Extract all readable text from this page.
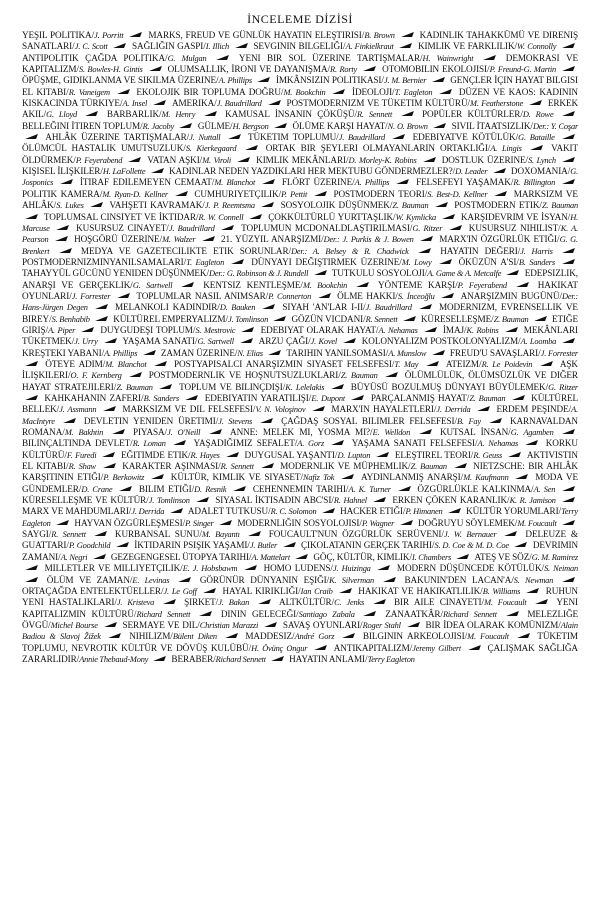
İNCELEME DİZİSİ
YEŞIL POLITIKA/J. Porritt	MARKS, FREUD VE GÜNLÜK HAYATIN ELEŞTIRISI/B. Brown	KADINLIK TAHAKKÜMÜ VE DIRENIŞ SANATLARI/J. C. Scott	SAĞLIĞIN GASPI/I. Illich	SEVGININ BILGELIĞI/A. Finkielkraut	KIMLIK VE FARKLILIK/W. Connolly  ANTIPOLITIK ÇAĞDA POLITIKA/G. Mulgan	YENI BIR SOL ÜZERINE TARTIŞMALAR/H. Wainwright	DEMOKRASI VE KAPITALIZM/S. Bowles-H. Gintis	OLUMSALLIK, İRONI VE DAYANIŞMA/R. Rorty	OTOMOBILIN EKOLOJISI/P. Freund-G. Martin  ÖPÜŞME, GIDIKLANMA VE SIKILMA ÜZERINE/A. Phillips	İMKÂNSIZIN POLITIKASI/J. M. Bernier	GENÇLER İÇIN HAYAT BILGISI EL KITABI/R. Vaneigem	EKOLOJIK BIR TOPLUMA DOĞRU/M. Bookchin	İDEOLOJI/T. Eagleton	DÜZEN VE KAOS: KADININ KISKACINDA TÜRKIYE/A. Insel	AMERIKA/J. Baudrillard	POSTMODERNIZM VE TÜKETIM KÜLTÜRÜ/M. Featherstone	ERKEK AKIL/G. Lloyd	BARBARLIK/M. Henry	KAMUSAL İNSANIN ÇÖKÜŞÜ/R. Sennett	POPÜLER KÜLTÜRLER/D. Rowe  BELLEĞINI İTIREN TOPLUM/R. Jacoby	GÜLME/H. Bergson	ÖLÜME KARŞI HAYAT/N. O. Brown	SIVIL İTAATSIZLIK/Der.: Y. Coşar  AHLÂK ÜZERINE TARTIŞMALAR/J. Nuttall	TÜKETIM TOPLUMU/J. Baudrillard	EDEBIYATVE KÖTÜLÜK/G. Bataille  ÖLÜMCÜL HASTALIK UMUTSUZLUK/S. Kierkegaard	ORTAK BIR ŞEYLERI OLMAYANLARIN ORTAKLIĞI/A. Lingis	VAKIT ÖLDÜRMEK/P. Feyerabend	VATAN AŞKI/M. Viroli	KIMLIK MEKÂNLARI/D. Morley-K. Robins	DOSTLUK ÜZERINE/S. Lynch  KIŞISEL İLIŞKILER/H. LaFollette	KADINLAR NEDEN YAZDIKLARI HER MEKTUBU GÖNDERMEZLER?/D. Leader	DOXOMANIA/G. Josponics	İTIRAF EDILEMEYEN CEMAAT/M. Blanchot	FLÖRT ÜZERINE/A. Phillips	FELSEFEYI YAŞAMAK/R. Billington  POLITIK KAMERA/M. Ryan-D. Kellner	CUMHURIYETÇILIK/P. Pettit	POSTMODERN TEORI/S. Best-D. Kellner	MARKSIZM VE AHLÂK/S. Lukes	VAHŞETI KAVRAMAK/J. P. Reemtsma	SOSYOLOJIK DÜŞÜNMEK/Z. Bauman	POSTMODERN ETIK/Z. Bauman  TOPLUMSAL CINSIYET VE İKTIDAR/R. W. Connell	ÇOKKÜLTÜRLÜ YURTTAŞLIK/W. Kymlicka	KARŞIDEVRIM VE İSYAN/H. Marcuse	KUSURSUZ CINAYET/J. Baudrillard	TOPLUMUN MCDONALDLAŞTIRILMASI/G. Ritzer	KUSURSUZ NIHILIST/K. A. Pearson	HOŞGÖRÜ ÜZERINE/M. Walzer	21. YÜZYIL ANARŞIZMI/Der.: J. Purkis & J. Bowen	MARX'IN ÖZGÜRLÜK ETIĞI/G. G. Brenkert	MEDYA VE GAZETECILIKTE ETIK SORUNLAR/Der.: A. Belsey & R. Chadwick	HAYATIN DEĞERI/J. Harris  POSTMODERNIZMINYANILSAMALARI/T. Eagleton	DÜNYAYI DEĞIŞTIRMEK ÜZERINE/M. Lowy	ÖKÜZÜN A'SI/B. Sanders  TAHAYYÜL GÜCÜNÜ YENIDEN DÜŞÜNMEK/Der.: G. Robinson & J. Rundell	TUTKULU SOSYOLOJI/A. Game & A. Metcalfe	EDEPSIZLIK, ANARŞI VE GERÇEKLIK/G. Sartwell	KENTSIZ KENTLEŞME/M. Bookchin	YÖNTEME KARŞI/P. Feyerabend	HAKIKAT OYUNLARI/J. Forrester	TOPLUMLAR NASIL ANIMSAR/P. Connerton	ÖLME HAKKI/S. İnceoğlu	ANARŞIZMIN BUGÜNÜ/Der.: Hans-Jürgen Degen	MELANKOLI KADINDIR/D. Bauken	SIYAH 'AN'LAR I-II/J. Baudrillard	MODERNIZM, EVRENSELLIK VE BIREY/S. Benhabib	KÜLTÜREL EMPERYALIZM/J. Tomlinson	GÖZÜN VICDANI/R. Sennett	KÜRESELLEŞME/Z. Bauman	ETIĞE GIRIŞ/A. Piper	DUYGUDEŞI TOPLUM/S. Mestrovic	EDEBIYAT OLARAK HAYAT/A. Nehamas	İMAJ/K. Robins	MEKÂNLARI TÜKETMEK/J. Urry	YAŞAMA SANATI/G. Sartwell	ARZU ÇAĞI/J. Kovel	KOLONYALIZM POSTKOLONYALIZM/A. Loomba  KREŞTEKI YABANI/A. Phillips	ZAMAN ÜZERINE/N. Elias	TARIHIN YANILSOMASI/A. Munslow	FREUD'U SAVAŞLARI/J. Forrester  ÖTEYE ADIM/M. Blanchot	POSTYAPISALCI ANARŞIZMIN SIYASET FELSEFESI/T. May	ATEIZM/R. Le Poidevin	AŞK İLIŞKILERI/O. F. Kernberg	POSTMODERNLIK VE HOŞNUTSUZLUKLARI/Z. Bauman	ÖLÜMLÜLÜK, ÖLÜMSÜZLÜK VE DIĞER HAYAT STRATEJILERI/Z. Bauman	TOPLUM VE BILINÇDIŞI/K. Lelelakis	BÜYÜSÜ BOZULMUŞ DÜNYAYI BÜYÜLEMEK/G. Ritzer  KAHKAHANIN ZAFERI/B. Sanders	EDEBIYATIN YARATILIŞI/E. Dupont	PARÇALANMIŞ HAYAT/Z. Bauman	KÜLTÜREL BELLEK/J. Assmann	MARKSIZM VE DIL FELSEFESI/V. N. Voloşinov	MARX'IN HAYALETLERI/J. Derrida	ERDEM PEŞINDE/A. MacIntyre	DEVLETIN YENIDEN ÜRETIMI/J. Stevens	ÇAĞDAŞ SOSYAL BILIMLER FELSEFESI/B. Fay	KARNAVALDAN ROMANA/M. Bakhtin	PIYASA/J. O'Neill	ANNE: MELEK MI, YOSMA MI?/E. Welldon	KUTSAL İNSAN/G. Agamben  BILINÇALTINDA DEVLET/R. Loman	YAŞADIĞIMIZ SEFALET/A. Gorz	YAŞAMA SANATI FELSEFESI/A. Nehamas	KORKU KÜLTÜRÜ/F. Furedi	EĞITIMDE ETIK/R. Hayes	DUYGUSAL YAŞANTI/D. Lupton	ELEŞTIREL TEORI/R. Geuss	AKTIVISTIN EL KITABI/R. Shaw	KARAKTER AŞINMASI/R. Sennett	MODERNLIK VE MÜPHEMLIK/Z. Bauman	NIETZSCHE: BIR AHLÂK KARŞITININ ETIĞI/P. Berkowitz	KÜLTÜR, KIMLIK VE SIYASET/Nafiz Tok	AYDINLANMIŞ ANARŞI/M. Kaufmann	MODA VE GÜNDEMLER/D. Crane	BILIM ETIĞI/D. Resnik	CEHENNEMIN TARIHI/A. K. Turner	ÖZGÜRLÜKLE KALKINMA/A. Sen  KÜRESELLEŞME VE KÜLTÜR/J. Tomlinson	SIYASAL İKTISADIN ABC'SI/R. Hahnel	ERKEN ÇÖKEN KARANLIK/K. R. Jamison  MARX VE MAHDUMLARI/J. Derrida	ADALET TUTKUSU/R. C. Solomon	HACKER ETIĞI/P. Himanen	KÜLTÜR YORUMLARI/Terry Eagleton	HAYVAN ÖZGÜRLEŞMESI/P. Singer	MODERNLIĞIN SOSYOLOJISI/P. Wagner	DOĞRUYU SÖYLEMEK/M. Foucault  SAYGI/R. Sennett	KURBANSAL SUNU/M. Bayantı	FOUCAULT'NUN ÖZGÜRLÜK SERÜVENI/J. W. Bernauer	DELEUZE & GUATTARI/P. Goodchild	İKTIDARIN PSIŞIK YAŞAMI/J. Butler	ÇIKOLATANIN GERÇEK TARIHI/S. D. Coe & M. D. Coe	DEVRIMIN ZAMANI/A. Negri	GEZEGENGESEL ÜTOPYA TARIHI/A. Mattelart	GÖÇ, KÜLTÜR, KIMLIK/I. Chambers	ATEŞ VE SÖZ/G. M. Ramirez  MILLETLER VE MILLIYETÇILIK/E. J. Hobsbawm	HOMO LUDENS/J. Huizinga	MODERN DÜŞÜNCEDE KÖTÜLÜK/S. Neiman  ÖLÜM VE ZAMAN/E. Levinas	GÖRÜNÜR DÜNYANIN EŞIĞI/K. Silverman	BAKUNIN'DEN LACAN'A/S. Newman  ORTAÇAĞDA ENTELEKTÜELLER/J. Le Goff	HAYAL KIRIKLIĞI/Ian Craib	HAKIKAT VE HAKIKATLILIK/B. Williams	RUHUN YENI HASTALIKLARI/J. Kristeva	ŞIRKET/J. Bakan	ALTKÜLTÜR/C. Jenks	BIR AILE CINAYETI/M. Foucault	YENI KAPITALIZMIN KÜLTÜRÜ/Richard Sennett	DININ GELECEĞI/Santiago Zabala	ZANAATKÂR/Richard Sennett	MELEZLIĞE ÖVGÜ/Michel Bourse	SERMAYE VE DIL/Christian Marazzi	SAVAŞ OYUNLARI/Roger Stahl	BIR İDEA OLARAK KOMÜNIZM/Alain Badiou & Slavoj Žižek	NIHILIZM/Bülent Diken	MADDESIZ/André Gorz	BILGININ ARKEOLOJISI/M. Foucault	TÜKETIM TOPLUMU, NEVROTIK KÜLTÜR VE DÖVÜŞ KULÜBÜ/H. Övünç Ongur	ANTIKAPITALIZM/Jeremy Gilbert	ÇALIŞMAK SAĞLIĞA ZARARLIDIR/Annie Thebaud-Mony	BERABER/Richard Sennett	HAYATIN ANLAMI/Terry Eagleton
